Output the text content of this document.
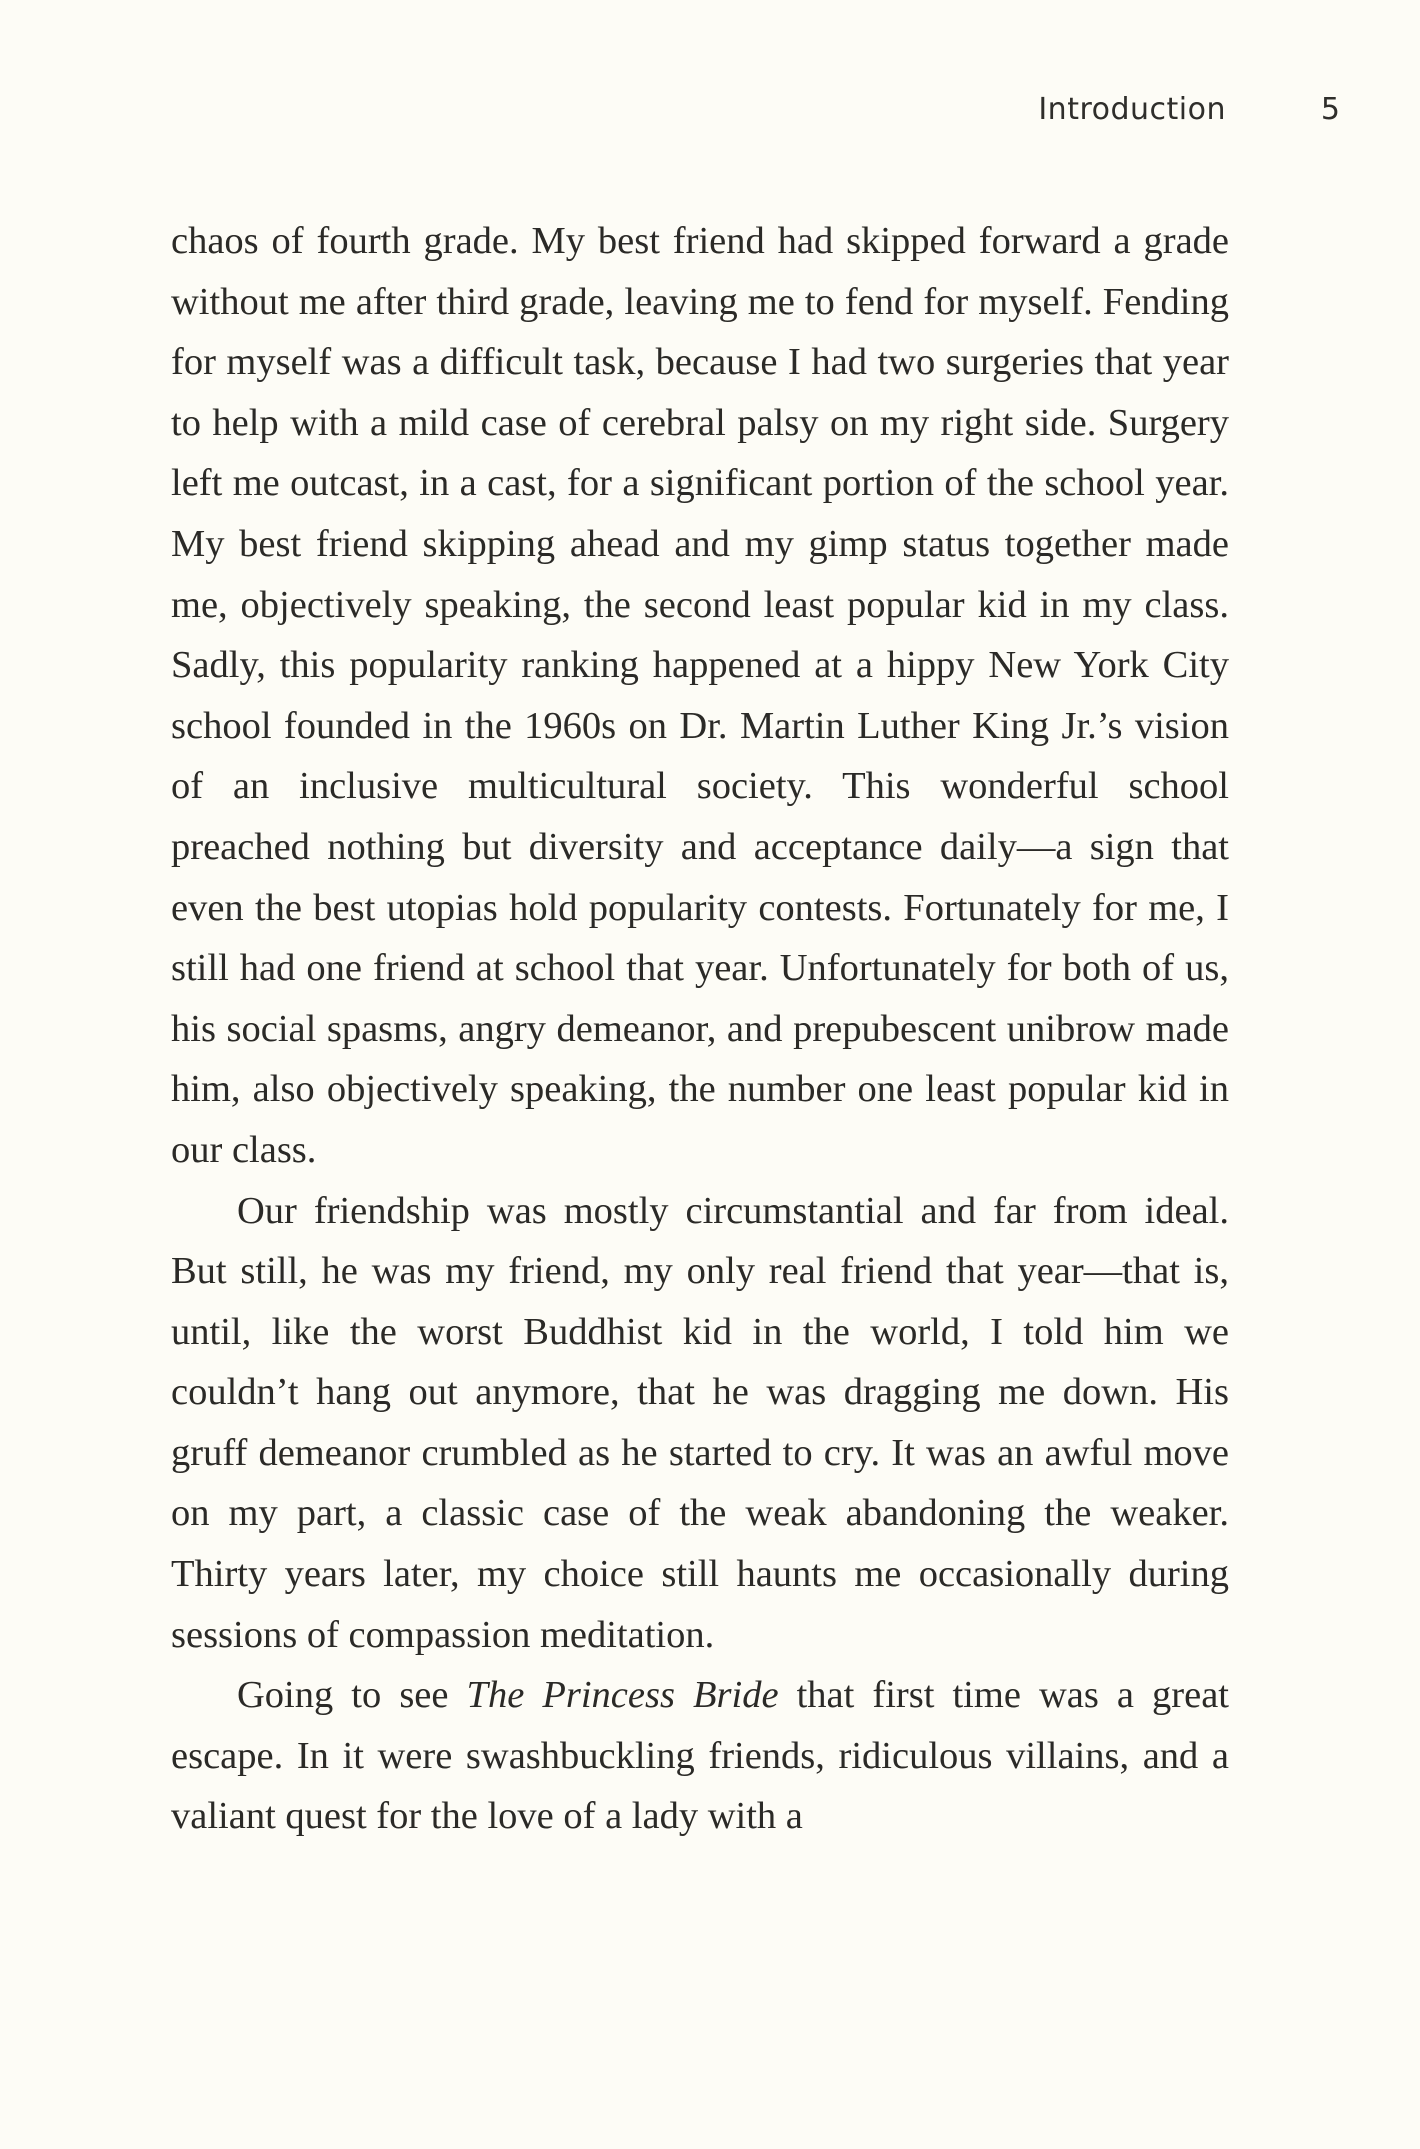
Introduction	5

chaos of fourth grade. My best friend had skipped forward a grade without me after third grade, leaving me to fend for myself. Fending for myself was a difficult task, because I had two surgeries that year to help with a mild case of cerebral palsy on my right side. Surgery left me outcast, in a cast, for a significant portion of the school year. My best friend skipping ahead and my gimp status together made me, objectively speaking, the second least popular kid in my class. Sadly, this popularity ranking happened at a hippy New York City school founded in the 1960s on Dr. Martin Luther King Jr.’s vision of an inclusive multicultural society. This wonderful school preached nothing but diversity and acceptance daily—a sign that even the best utopias hold popularity contests. Fortunately for me, I still had one friend at school that year. Unfortunately for both of us, his social spasms, angry demeanor, and prepubescent unibrow made him, also objectively speaking, the number one least popular kid in our class.

Our friendship was mostly circumstantial and far from ideal. But still, he was my friend, my only real friend that year—that is, until, like the worst Buddhist kid in the world, I told him we couldn’t hang out anymore, that he was dragging me down. His gruff demeanor crumbled as he started to cry. It was an awful move on my part, a classic case of the weak abandoning the weaker. Thirty years later, my choice still haunts me occasionally during sessions of compassion meditation.

Going to see The Princess Bride that first time was a great escape. In it were swashbuckling friends, ridiculous villains, and a valiant quest for the love of a lady with a
